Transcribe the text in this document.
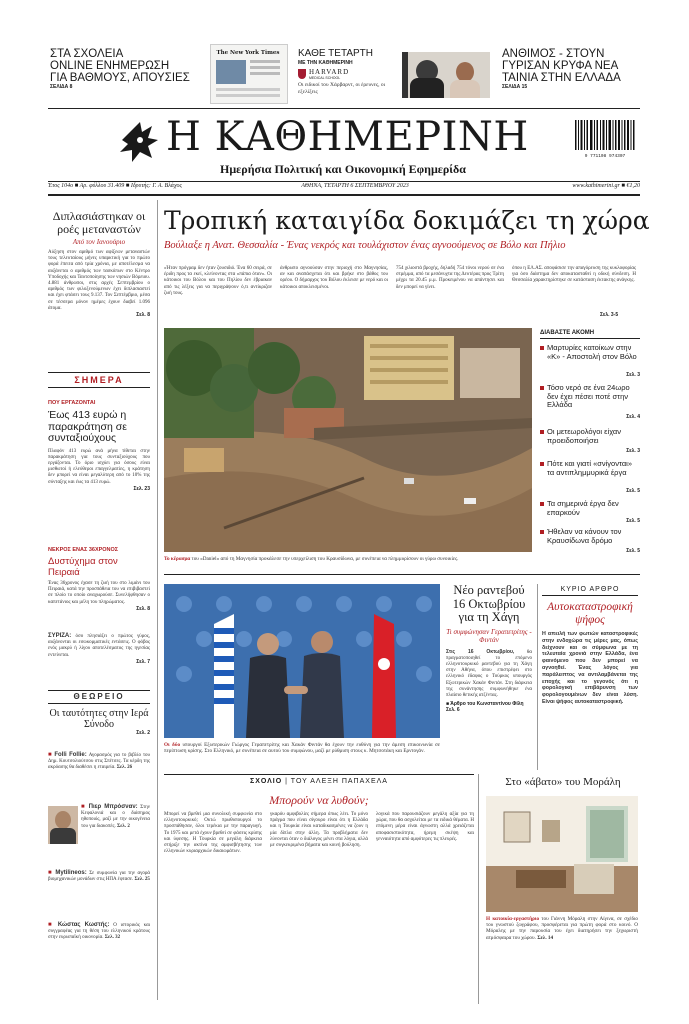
ΣΤΑ ΣΧΟΛΕΙΑ
ONLINE ΕΝΗΜΕΡΩΣΗ
ΓΙΑ ΒΑΘΜΟΥΣ, ΑΠΟΥΣΙΕΣ
ΣΕΛΙΔΑ 8
The New York Times	ΚΑΘΕ ΤΕΤΑΡΤΗ
ΜΕ ΤΗΝ ΚΑΘΗΜΕΡΙΝΗ
HARVARD
MEDICAL SCHOOL
Οι ειδικοί του Χάρβαρντ, οι έρευνες, οι εξελίξεις
ΑΝΘΙΜΟΣ - ΣΤΟΥΝ
ΓΥΡΙΣΑΝ ΚΡΥΦΑ ΝΕΑ
ΤΑΙΝΙΑ ΣΤΗΝ ΕΛΛΑΔΑ
ΣΕΛΙΔΑ 15
Η ΚΑΘΗΜΕΡΙΝΗ
Ημερήσια Πολιτική και Οικονομική Εφημερίδα
9 771108 974307
Έτος 104ο ■ Αρ. φύλλου 31.409 ■ Ιδρυτής: Γ. Α. Βλάχος	ΑΘΗΝΑ, ΤΕΤΑΡΤΗ 6 ΣΕΠΤΕΜΒΡΙΟΥ 2023	www.kathimerini.gr ■ €1,20
Διπλασιάστηκαν οι ροές μεταναστών
Από τον Ιανουάριο
Αύξηση στον αριθμό των αφίξεων μεταναστών τους τελευταίους μήνες υπαρκτική για το πρώτο φορά έπειτα από τρία χρόνια, με αποτέλεσμα να αυξάνεται ο αριθμός των τασκόπων στο Κέντρο Υποδοχής και Ταυτοποίησης των νησιών Βόρειου. 4.881 άνθρωποι, στις αρχές Σεπτεμβρίου ο αριθμός των φιλοξενούμενων έχει διπλασιαστεί και έχει φτάσει τους 9.137. Τον Σεπτέμβριο, μέσα σε τέσσερα μόνον ημέρες έχουν διαβεί 1.096 άτομα.
Σελ. 8
ΣΗΜΕΡΑ
ΠΟΥ ΕΡΓΑΖΟΝΤΑΙ
Έως 413 ευρώ η παρακράτηση σε συνταξιούχους
Πλαφόν 413 ευρώ ανά μήνα τίθεται στην παρακράτηση για τους συνταξιούχους που εργάζονται. Το όριο ισχύει για όσους είναι μισθωτοί ή ελεύθεροι επαγγελματίες, η κράτηση δεν μπορεί να είναι μεγαλύτερη από το 10% της σύνταξης και έως τα 413 ευρώ.
Σελ. 23
ΝΕΚΡΟΣ ΕΝΑΣ 36ΧΡΟΝΟΣ
Δυστύχημα στον Πειραιά
Ένας 36χρονος έχασε τη ζωή του στο λιμάνι του Πειραιά, κατά την προσπάθεια του να επιβιβαστεί σε πλοίο το οποίο αναχωρούσε. Συνελήφθησαν ο καπετάνιος και μέλη του πληρώματος.
Σελ. 8
ΣΥΡΙΖΑ: όσο πλησιάζει ο πρώτος γύρος, αυξάνονται οι εσωκομματικές εντάσεις. Ο φόβος ενός μακρύ ή λίγου αποτελέσματος της ηγεσίας εντείνεται.
Σελ. 7
ΘΕΩΡΕΙΟ
Οι ταυτότητες στην Ιερά Σύνοδο
Σελ. 2
■ Folli Follie: Αγορασμός για το βιβλίο του Δημ. Κουτσολιούτσου στις Σπέτσες. Τα κέρδη της ακρόασης θα διαθέσει η εταιρεία. Σελ. 26
■ Πιερ Μπρόσναν: Στην Κεφαλονιά και ο διάσημος ηθοποιός, μαζί με την οικογένεια του για διακοπές. Σελ. 2
■ Mytilineos: Σε συμφωνία για την αγορά βιομηχανικών μονάδων στις ΗΠΑ έφτασε. Σελ. 25
■ Κώστας Κωστής: Ο ιστορικός και συγγραφέας για τη θέση του ελληνικού κράτους στην ευρωπαϊκή οικονομία. Σελ. 32
Τροπική καταιγίδα δοκιμάζει τη χώρα
Βούλιαξε η Ανατ. Θεσσαλία - Ένας νεκρός και τουλάχιστον ένας αγνοούμενος σε Βόλο και Πήλιο
«Ήταν πρόγραμ δεν ήταν ζουσιδιό. Ένα 60 σειρά, σε έριδη προς τα εκεί, κλείνοντας στα «πάπια όταν». Οι κάτοικοι του Βόλου και του Πηλίου δεν έβριακαν από τις λέξεις για να περιγράψουν ό,τι αντίκριζαν ζωή τους.
άνθρωπο αγνοούσαν στην περιοχή στο Μαγνησίας, αν και αναπάσχεται ότι και βρήκε στο βάθος του ορέου. Ο δήμαρχος του Βόλου έκλεισε με νερό και οι κάτοικοι αποκλεισμένοι.
754 χιλιοστά βροχής, δηλαδή 754 τόνοι νερού σε ένα στρέμμα, από τα μεσάνυχτα της Δευτέρας προς Τρίτη μέχρι τα 20.45 μ.μ. Προκειμένου να απάντησει και δεν μπορεί να γίνει.
όπου η ΕΛ.ΑΣ. αποφάσισε την απαγόρευση της κυκλοφορίας για όσο διάστημα δεν αποκατασταθεί η οδική σύνδεση. Η Θεσσαλία χαρακτηρίστηκε σε κατάσταση έκτακτης ανάγκης.
Σελ. 3-5
Το κέρασμα του «Daniel» από τη Μαγνησία προκάλεσε την υπερχείλιση του Κραυσίδωνα, με συνέπεια να πλημμυρίσουν οι γύρω συνοικίες.
ΔΙΑΒΑΣΤΕ ΑΚΟΜΗ
Μαρτυρίες κατοίκων στην «Κ» - Αποστολή στον Βόλο
Σελ. 3
Τόσο νερό σε ένα 24ωρο δεν έχει πέσει ποτέ στην Ελλάδα
Σελ. 4
Οι μετεωρολόγοι είχαν προειδοποιήσει
Σελ. 3
Πότε και γιατί «σνίγονται» τα αντιπλημμυρικά έργα
Σελ. 5
Τα σημερινά έργα δεν επαρκούν
Σελ. 5
Ήθελαν να κάνουν τον Κραυσίδωνα δρόμο
Σελ. 5
Οι δύο υπουργοί Εξωτερικών Γιώργος Γεραπετρίτης και Χακάν Φιντάν θα έχουν την ευθύνη για την άμεση επικοινωνία σε περίπτωση κρίσης. Στο Ελληνικό, με συνέπεια σε αυτού του συμφώνου, μαζί με ρύθμιση στους κ. Μητσοτάκη και Ερντογάν.
Νέο ραντεβού 16 Οκτωβρίου για τη Χάγη
Τι συμφώνησαν Γεραπετρίτης - Φιντάν
Στις 16 Οκτωβρίου,	θα πραγματοποιηθεί το επόμενο ελληνοτουρκικό ραντεβού για τη Χάγη στην Αθήνα, όπου επιστρέφει στο ελληνικό έδαφος ο Τούρκος υπουργός Εξωτερικών Χακάν Φιντάν. Στη διάρκεια της συνάντησης συμφωνήθηκε ένα πλαίσιο θετικής ατζέντας.
■ Άρθρο του Κωνσταντίνου Φίλη Σελ. 6
ΚΥΡΙΟ ΑΡΘΡΟ
Αυτοκαταστροφική ψήφος
Η απειλή των φωτιών καταστροφικές στην ενδοχώρα τις μέρες μας, όπως δείχνουν και οι σύμφωνα με τη τελευταία χρονιά στην Ελλάδα, ένα φαινόμενο που δεν μπορεί να αγνοηθεί. Ένας λόγος για παράλειπτος να αντιλαμβάνεται της εποχής και το γεγονός ότι η φορολογική επιβάρυνση των φορολογουμένων δεν είναι λύση. Είναι ψήφος αυτοκαταστροφική.
ΣΧΟΛΙΟ | ΤΟΥ ΑΛΕΞΗ ΠΑΠΑΧΕΛΑ
Μπορούν να λυθούν;
Μπορεί να βρεθεί μια συνολική συμφωνία στο ελληνοτουρκικό; Οκτώ πρωθυπουργοί το προσπάθησαν, όλοι τερέκια με την παραγωγή. Το 1975 και μετά έχουν βρεθεί σε φάσεις κρίσης και ύφεσης. Η Τουρκία σε μεγάλη διάρκεια στήριξε την ακτίνα της αμφισβήτησης των ελληνικών κυριαρχικών δικαιωμάτων.
γκαρόυ αμφιβολίες σήμερα όπως λέει. Το μόνο πράγμα που είναι σίγουρο είναι ότι η Ελλάδα και η Τουρκία είναι καταδικασμένες να ζουν η μία δίπλα στην άλλη. Τα προβλήματα δεν λύνονται όταν ο διάλογος μένει στα λόγια, αλλά με συγκεκριμένα βήματα και κοινή βούληση.
λογικά που παρουσιάζουν μεγάλη αξία για τη χώρα, που θα ασχολείται με τα ειδικά θέματα. Η επόμενη μέρα είναι άγνωστη αλλά χρειάζεται αποφασιστικότητα, ήρεμη σκέψη και γενναιότητα από αμφότερες τις πλευρές.
Στο «άβατο» του Μοράλη
Η κατοικία-εργαστήριο του Γιάννη Μόραλη στην Αίγινα, σε σχέδιο του γνωστού ζωγράφου, προσφέρεται για πρώτη φορά στο κοινό. Ο Μόραλης με την παρουσία του έχει διατηρήσει την ξεχωριστή ατμόσφαιρα του χώρου. Σελ. 14
